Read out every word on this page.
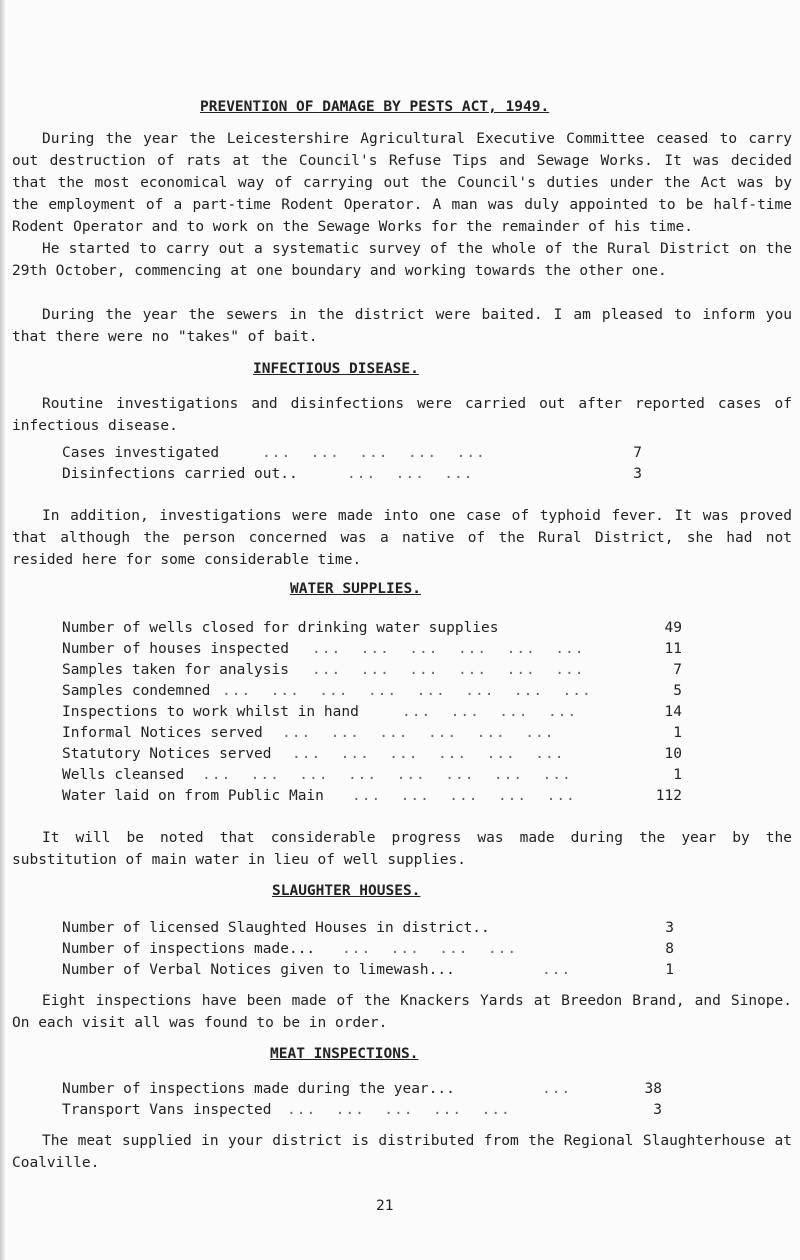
PREVENTION OF DAMAGE BY PESTS ACT, 1949.

During the year the Leicestershire Agricultural Executive Committee ceased to carry out destruction of rats at the Council's Refuse Tips and Sewage Works. It was decided that the most economical way of carrying out the Council's duties under the Act was by the employment of a part-time Rodent Operator. A man was duly appointed to be half-time Rodent Operator and to work on the Sewage Works for the remainder of his time.

He started to carry out a systematic survey of the whole of the Rural District on the 29th October, commencing at one boundary and working towards the other one.

During the year the sewers in the district were baited. I am pleased to inform you that there were no "takes" of bait.

INFECTIOUS DISEASE.

Routine investigations and disinfections were carried out after reported cases of infectious disease.

Cases investigated	...  ...  ...  ...  ...	7
Disinfections carried out..	...  ...  ...	3

In addition, investigations were made into one case of typhoid fever. It was proved that although the person concerned was a native of the Rural District, she had not resided here for some considerable time.

WATER SUPPLIES.
Number of wells closed for drinking water supplies	49
Number of houses inspected ...  ...  ...  ...  ...  ...	11
Samples taken for analysis ...  ...  ...  ...  ...  ...	7
Samples condemned ...  ...  ...  ...  ...  ...  ...  ...	5
Inspections to work whilst in hand	...  ...  ...  ...	14
Informal Notices served ...  ...  ...  ...  ...  ...	1
Statutory Notices served ...  ...  ...  ...  ...  ...	10
Wells cleansed ...  ...  ...  ...  ...  ...  ...  ...	1
Water laid on from Public Main ...  ...  ...  ...  ...	112

It will be noted that considerable progress was made during the year by the substitution of main water in lieu of well supplies.

SLAUGHTER HOUSES.
Number of licensed Slaughted Houses in district..	3
Number of inspections made... ...  ...  ...  ...	8
Number of Verbal Notices given to limewash...	...	1

Eight inspections have been made of the Knackers Yards at Breedon Brand, and Sinope. On each visit all was found to be in order.

MEAT INSPECTIONS.
Number of inspections made during the year...	...	38
Transport Vans inspected ...  ...  ...  ...  ...	3

The meat supplied in your district is distributed from the Regional Slaughterhouse at Coalville.

21
